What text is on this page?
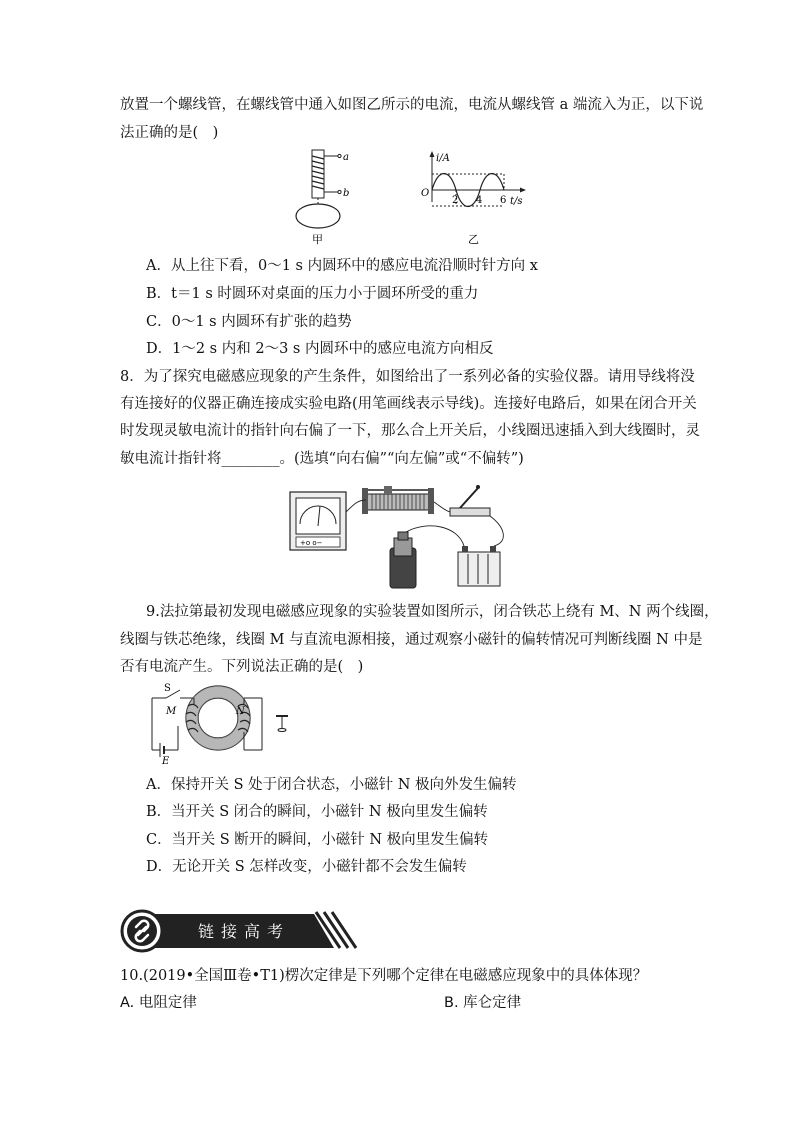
放置一个螺线管，在螺线管中通入如图乙所示的电流，电流从螺线管 a 端流入为正，以下说
法正确的是(　)
a
b
甲
i/A
t/s
O
2 4 6
乙
A．从上往下看，0～1 s 内圆环中的感应电流沿顺时针方向 x
B．t＝1 s 时圆环对桌面的压力小于圆环所受的重力
C．0～1 s 内圆环有扩张的趋势
D．1～2 s 内和 2～3 s 内圆环中的感应电流方向相反
8．为了探究电磁感应现象的产生条件，如图给出了一系列必备的实验仪器。请用导线将没
有连接好的仪器正确连接成实验电路(用笔画线表示导线)。连接好电路后，如果在闭合开关
时发现灵敏电流计的指针向右偏了一下，那么合上开关后，小线圈迅速插入到大线圈时，灵
敏电流计指针将________。(选填“向右偏”“向左偏”或“不偏转”)
+o o−
9.法拉第最初发现电磁感应现象的实验装置如图所示，闭合铁芯上绕有 M、N 两个线圈，
线圈与铁芯绝缘，线圈 M 与直流电源相接，通过观察小磁针的偏转情况可判断线圈 N 中是
否有电流产生。下列说法正确的是(　)
S
E
M	N
A．保持开关 S 处于闭合状态，小磁针 N 极向外发生偏转
B．当开关 S 闭合的瞬间，小磁针 N 极向里发生偏转
C．当开关 S 断开的瞬间，小磁针 N 极向里发生偏转
D．无论开关 S 怎样改变，小磁针都不会发生偏转
链接高考
10.(2019•全国Ⅲ卷•T1)楞次定律是下列哪个定律在电磁感应现象中的具体体现？
A. 电阻定律	B. 库仑定律
